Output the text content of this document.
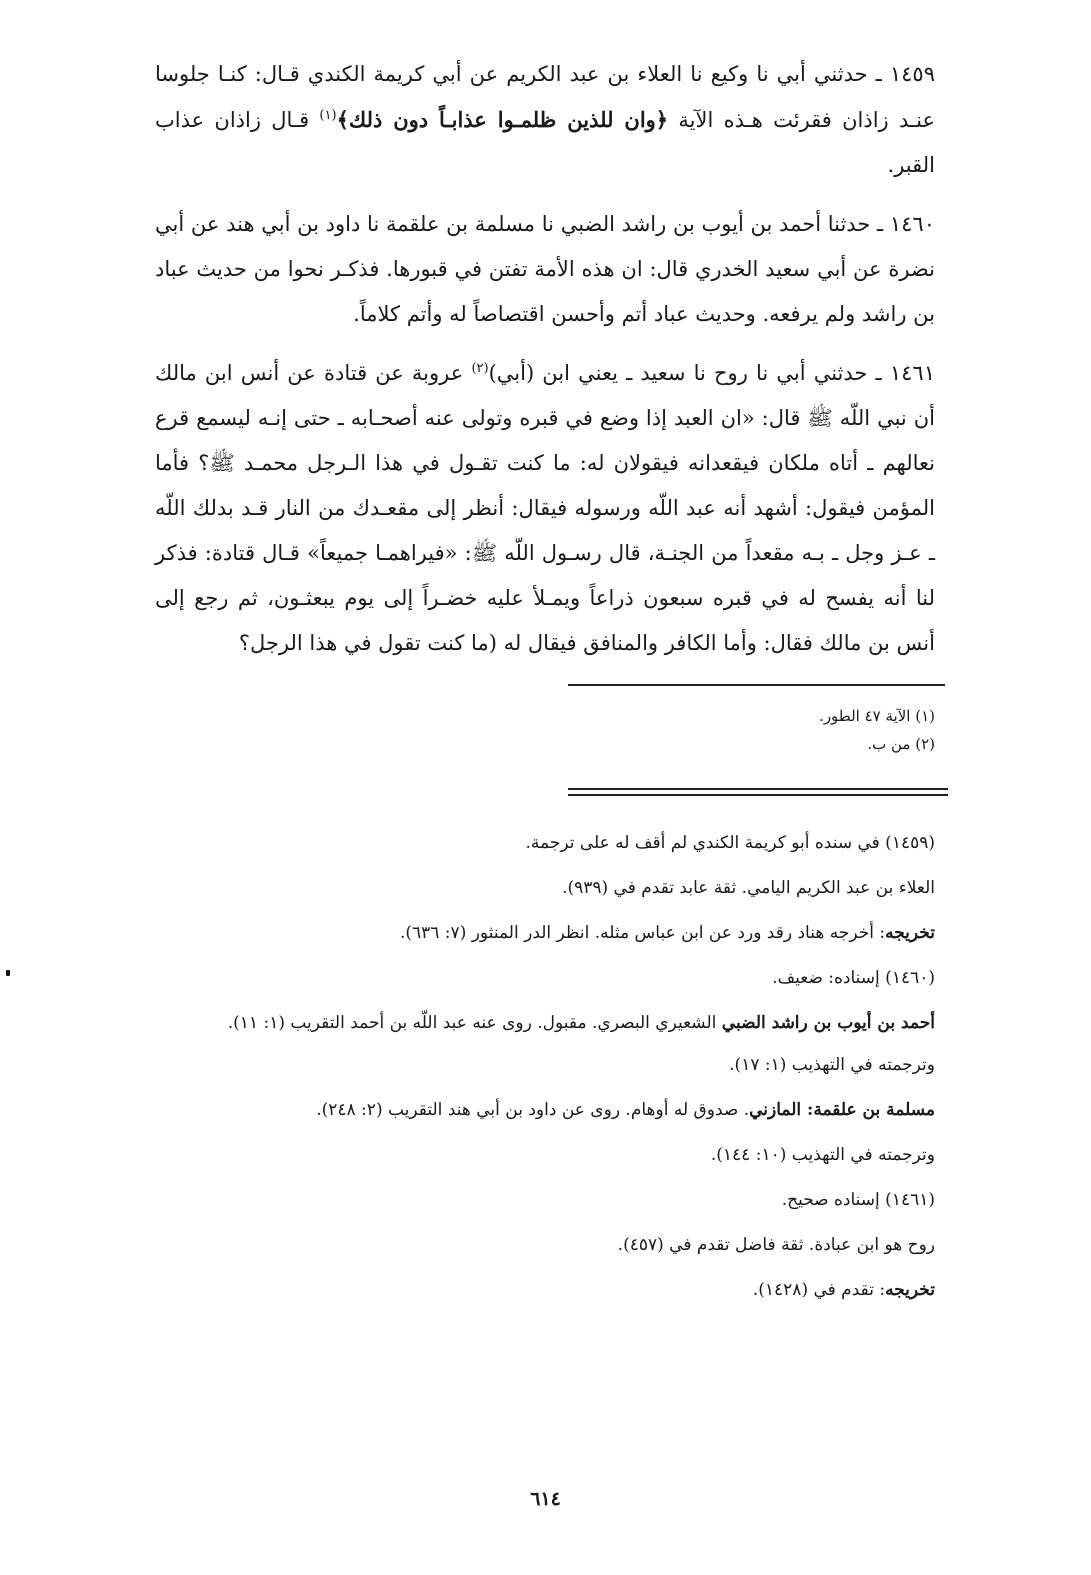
١٤٥٩ ـ حدثني أبي نا وكيع نا العلاء بن عبد الكريم عن أبي كريمة الكندي قـال: كنـا جلوسا عنـد زاذان فقرئت هـذه الآية ﴿وان للذين ظلمـوا عذابـاً دون ذلك﴾$^{(١)}$ قـال زاذان عذاب القبر.

١٤٦٠ ـ حدثنا أحمد بن أيوب بن راشد الضبي نا مسلمة بن علقمة نا داود بن أبي هند عن أبي نضرة عن أبي سعيد الخدري قال: ان هذه الأمة تفتن في قبورها. فذكـر نحوا من حديث عباد بن راشد ولم يرفعه. وحديث عباد أتم وأحسن اقتصاصاً له وأتم كلاماً.

١٤٦١ ـ حدثني أبي نا روح نا سعيد ـ يعني ابن (أبي)$^{(٢)}$ عروبة عن قتادة عن أنس ابن مالك أن نبي اللّه ﷺ قال: «ان العبد إذا وضع في قبره وتولى عنه أصحـابه ـ حتى إنـه ليسمع قرع نعالهم ـ أتاه ملكان فيقعدانه فيقولان له: ما كنت تقـول في هذا الـرجل محمـد ﷺ؟ فأما المؤمن فيقول: أشهد أنه عبد اللّه ورسوله فيقال: أنظر إلى مقعـدك من النار قـد بدلك اللّه ـ عـز وجل ـ بـه مقعداً من الجنـة، قال رسـول اللّه ﷺ: «فيراهمـا جميعاً» قـال قتادة: فذكر لنا أنه يفسح له في قبره سبعون ذراعاً ويمـلأ عليه خضـراً إلى يوم يبعثـون، ثم رجع إلى أنس بن مالك فقال: وأما الكافر والمنافق فيقال له (ما كنت تقول في هذا الرجل؟

(١) الآية ٤٧ الطور.
(٢) من ب.
(١٤٥٩) في سنده أبو كريمة الكندي لم أقف له على ترجمة.
العلاء بن عبد الكريم اليامي. ثقة عابد تقدم في (٩٣٩).
تخريجه: أخرجه هناد رقد ورد عن ابن عباس مثله. انظر الدر المنثور (٧: ٦٣٦).
(١٤٦٠) إسناده: ضعيف.
أحمد بن أيوب بن راشد الضبي الشعيري البصري. مقبول. روى عنه عبد اللّه بن أحمد التقريب (١: ١١).
وترجمته في التهذيب (١: ١٧).
مسلمة بن علقمة: المازني. صدوق له أوهام. روى عن داود بن أبي هند التقريب (٢: ٢٤٨).
وترجمته في التهذيب (١٠: ١٤٤).
(١٤٦١) إسناده صحيح.
روح هو ابن عبادة. ثقة فاضل تقدم في (٤٥٧).
تخريجه: تقدم في (١٤٢٨).
٦١٤
